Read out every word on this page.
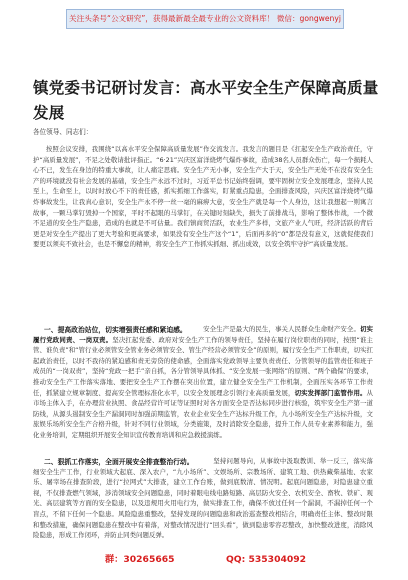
关注头条号“公文研究”，获得最新最全最专业的公文资料库！ 微信：gongwenyj
镇党委书记研讨发言：高水平安全生产保障高质量发展
各位领导、同志们：

按照会议安排，我围绕“以高水平安全保障高质量发展”作交流发言。我发言的题目是《扛起安全生产政治责任，守护“高质量发展”，不足之处敬请批评指正。“6·21”兴庆区富洋烧烤气爆炸事故，造成38名人员群众伤亡，每一个损耗人心不已，发生在身边的特重大事故，让人痛定思痛。安全生产无小事，安全生产大于天，安全生产无处不在没有安全生产的环境就没有社会发展的基础，安全生产永远不过时，习近平总书记始终强调，要牢固树立安全发展理念，坚持人民至上，生命至上，以时时放心不下的责任感，抓实抓细工作落实，盯紧重点隐患，全面排查风险，兴庆区富洋烧烤气爆炸事故发生，让我真心意识，安全生产永不停一丝一毫的麻痹大意，安全生产就是每一个人身边，这让我想起一则寓言故事，一颗马掌钉毁掉一个国家，平时不起眼的马掌钉，在关键时刻缺失，损失了前排战马，影响了整体作战，一个微不足道的安全生产隐患，造成的也就是不可估量。我们镇商贸活跃，农业生产多样，文旅产业人气旺，经济活跃的背后更是对安全生产提出了更大考验和更高要求，如果没有安全生产这个“1”，后面再多的“0”都是没有意义，这就促使我们要更以须夹不致社会，也是不懈怠的精神，将安全生产工作抓实抓细、抓出成效，以安全筑牢守护“高质量发展。

一、提高政治站位，切实增强责任感和紧迫感。	安全生产是最大的民生，事关人民群众生命财产安全。切实履行党政同责、一岗双责。坚决扛起党委、政府对安全生产工作的领导责任，坚持在履行岗位职责的同时，按照“谁主管、谁负责”和“管行业必须管安全管业务必须管安全、管生产经营必须管安全”的原则，履行安全生产工作职责，切实扛起政治责任，以时不我待的紧迫感和责无旁贷的使命感，全面落实党政领导主要负责责任、分管领导的监管责任和班子成员的“一岗双责”，坚持“党政一把手”亲自抓，各分管领导具体抓、“安全发展一张网络”的原则、“两个确保”的要求，推动安全生产工作落实落地、要把安全生产工作摆在突出位置，建立健全安全生产工作机制，全面压实各环节工作责任，抓紧建立规章制度、提高安全管理标准化水平，以安全发展理念引领行业高质量发展，切实发挥部门监管作用。从市场主体入手，在办理营业执照、食品经营许可证等证照时对各方面安全是否达标同步进行核验，筑牢安全生产第一道防线，从源头遏制安全生产漏洞同时加强前期监管，农业企业安全生产达标升级工作，九小场所安全生产达标升级，文旅娱乐场所安全生产合格升级，针对不同行业领域，分类施策，及时消除安全隐患，提升工作人员专业素养和能力，强化业务培训，定期组织开展安全知识宣传教育培训和应急救援演练。

二、狠抓工作落实，全面开展安全排查整治行动。	坚持问题导向，从事故中汲取教训、举一反三，落实落细安全生产工作，行业领域大起底、深入农户，“九小场所”、文娱场所、宗教场所、建筑工地、供热藏柴基地、农家乐、屠宰场在排查阶段，进行“拉网式”大排查，建立工作台账，做到底数清、情况明。起底问题隐患，对隐患建立重视，不仅排查燃气领域，涉消领域安全问题隐患，同时着眼电线电路短路、高层防火安全、农机安全、畜牧、铁矿、观光、高层建筑等方面的安全隐患，以及违规用火用电行为，做实排查工作，确保不放过任何一个漏洞，不漏掉任何一个盲点，不留下任何一个隐患。风险隐患重整改，坚持发现的问题隐患和政治巡查整改相结合，明确责任主体、整改时限和整改措施，确保问题隐患在整改中有着落，对整改情况进行“回头看”，做到隐患零容忍整改，加快整改进度，消除风险隐患，形成工作闭环，并防止同类问题反弹。

群：30265665	QQ: 535304092
